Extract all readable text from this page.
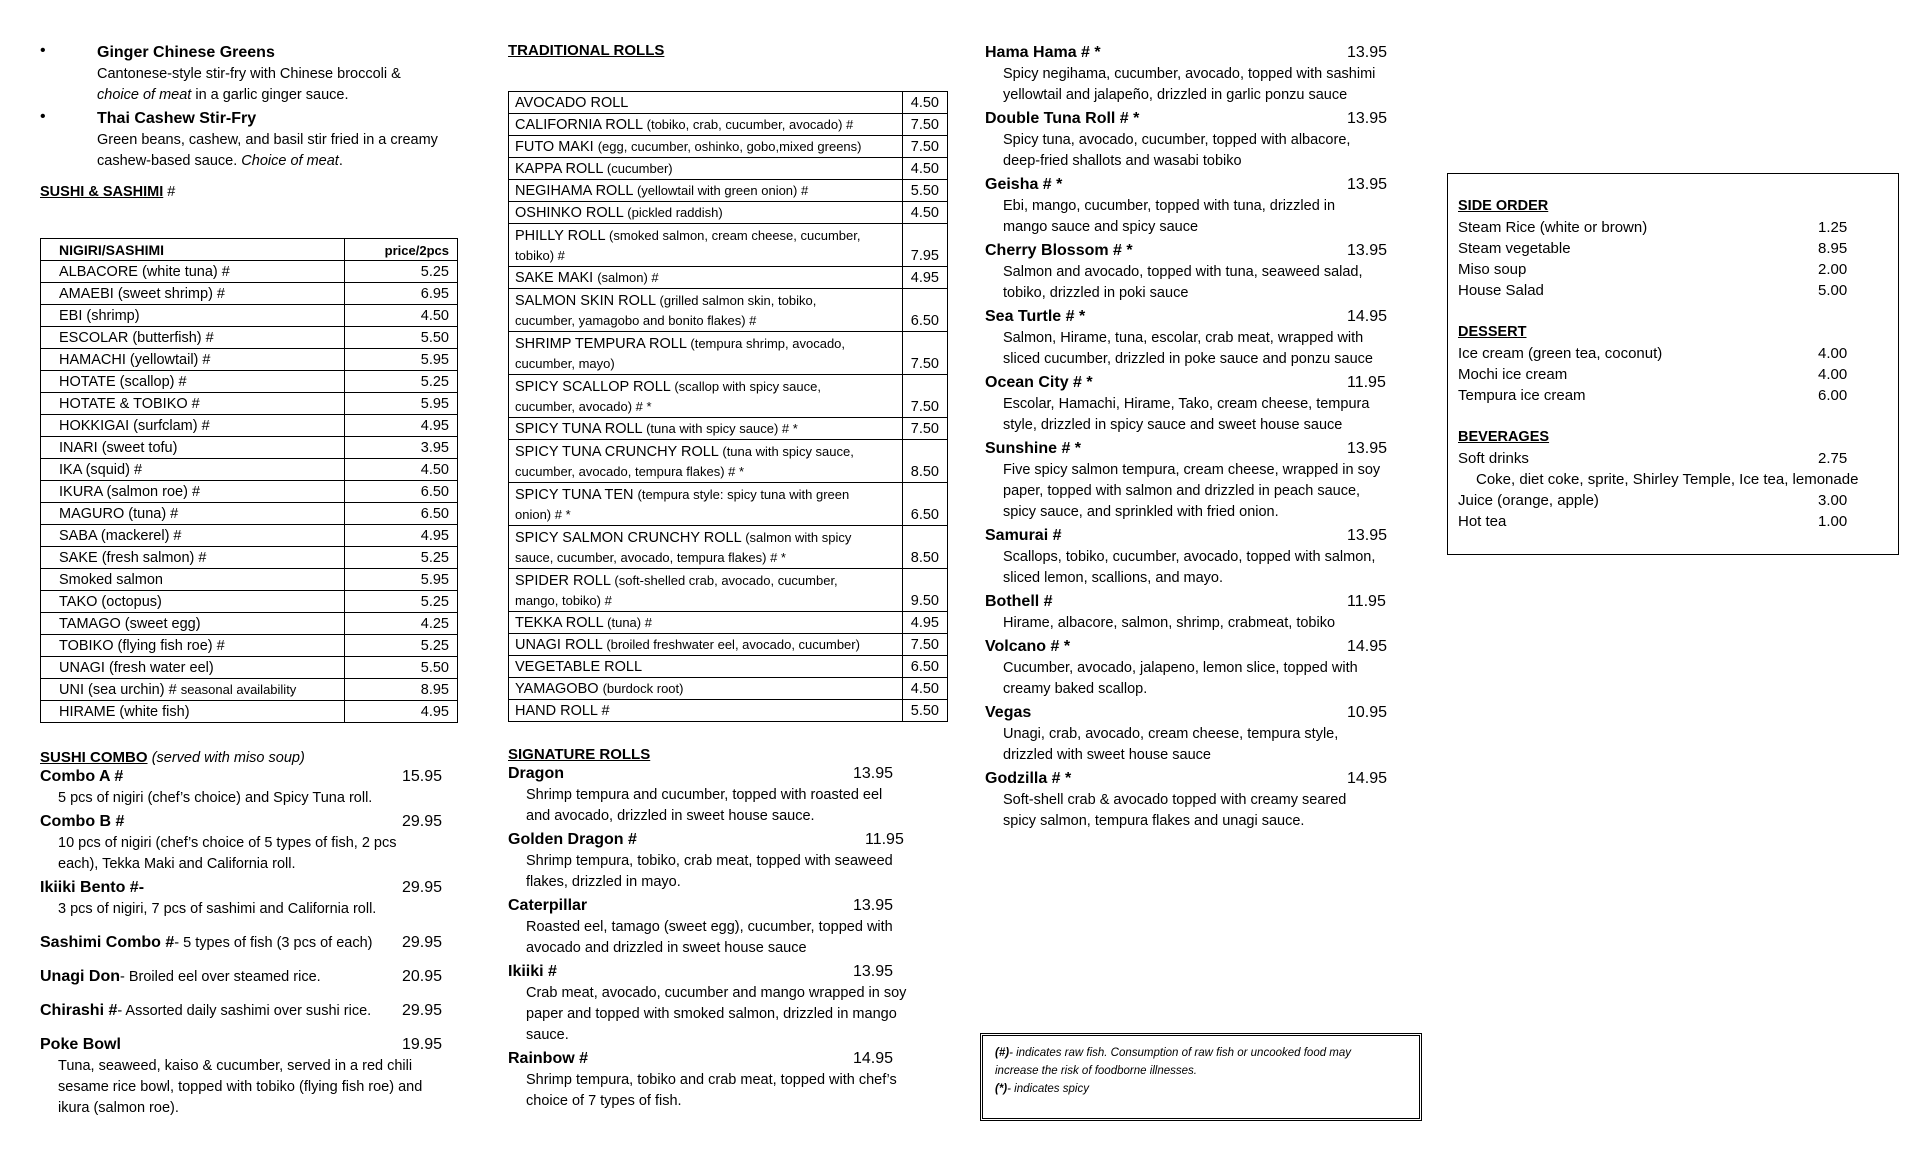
•	Ginger Chinese Greens
Cantonese-style stir-fry with Chinese broccoli &
choice of meat in a garlic ginger sauce.
•	Thai Cashew Stir-Fry
Green beans, cashew, and basil stir fried in a creamy
cashew-based sauce. Choice of meat.
SUSHI & SASHIMI #
NIGIRI/SASHIMI	price/2pcs
ALBACORE (white tuna) #	5.25
AMAEBI (sweet shrimp) #	6.95
EBI (shrimp)	4.50
ESCOLAR (butterfish) #	5.50
HAMACHI (yellowtail) #	5.95
HOTATE (scallop) #	5.25
HOTATE & TOBIKO #	5.95
HOKKIGAI (surfclam) #	4.95
INARI (sweet tofu)	3.95
IKA (squid) #	4.50
IKURA (salmon roe) #	6.50
MAGURO (tuna) #	6.50
SABA (mackerel) #	4.95
SAKE (fresh salmon) #	5.25
Smoked salmon	5.95
TAKO (octopus)	5.25
TAMAGO (sweet egg)	4.25
TOBIKO (flying fish roe) #	5.25
UNAGI (fresh water eel)	5.50
UNI (sea urchin) # seasonal availability	8.95
HIRAME (white fish)	4.95
SUSHI COMBO (served with miso soup)
Combo A #	15.95
5 pcs of nigiri (chef’s choice) and Spicy Tuna roll.
Combo B #	29.95
10 pcs of nigiri (chef’s choice of 5 types of fish, 2 pcs
each), Tekka Maki and California roll.
Ikiiki Bento #-	29.95
3 pcs of nigiri, 7 pcs of sashimi and California roll.
Sashimi Combo #- 5 types of fish (3 pcs of each) 29.95
Unagi Don- Broiled eel over steamed rice.	20.95
Chirashi #- Assorted daily sashimi over sushi rice. 29.95
Poke Bowl	19.95
Tuna, seaweed, kaiso & cucumber, served in a red chili
sesame rice bowl, topped with tobiko (flying fish roe) and
ikura (salmon roe).
TRADITIONAL ROLLS
AVOCADO ROLL	4.50
CALIFORNIA ROLL (tobiko, crab, cucumber, avocado) #	7.50
FUTO MAKI (egg, cucumber, oshinko, gobo,mixed greens)	7.50
KAPPA ROLL (cucumber)	4.50
NEGIHAMA ROLL (yellowtail with green onion) #	5.50
OSHINKO ROLL (pickled raddish)	4.50
PHILLY ROLL (smoked salmon, cream cheese, cucumber,
tobiko) #	7.95
SAKE MAKI (salmon) #	4.95
SALMON SKIN ROLL (grilled salmon skin, tobiko,
cucumber, yamagobo and bonito flakes) #	6.50
SHRIMP TEMPURA ROLL (tempura shrimp, avocado,
cucumber, mayo)	7.50
SPICY SCALLOP ROLL (scallop with spicy sauce,
cucumber, avocado) # *	7.50
SPICY TUNA ROLL (tuna with spicy sauce) # *	7.50
SPICY TUNA CRUNCHY ROLL (tuna with spicy sauce,
cucumber, avocado, tempura flakes) # *	8.50
SPICY TUNA TEN (tempura style: spicy tuna with green
onion) # *	6.50
SPICY SALMON CRUNCHY ROLL (salmon with spicy
sauce, cucumber, avocado, tempura flakes) # *	8.50
SPIDER ROLL (soft-shelled crab, avocado, cucumber,
mango, tobiko) #	9.50
TEKKA ROLL (tuna) #	4.95
UNAGI ROLL (broiled freshwater eel, avocado, cucumber)	7.50
VEGETABLE ROLL	6.50
YAMAGOBO (burdock root)	4.50
HAND ROLL #	5.50
SIGNATURE ROLLS
Dragon	13.95
Shrimp tempura and cucumber, topped with roasted eel
and avocado, drizzled in sweet house sauce.
Golden Dragon #	11.95
Shrimp tempura, tobiko, crab meat, topped with seaweed
flakes, drizzled in mayo.
Caterpillar	13.95
Roasted eel, tamago (sweet egg), cucumber, topped with
avocado and drizzled in sweet house sauce
Ikiiki #	13.95
Crab meat, avocado, cucumber and mango wrapped in soy
paper and topped with smoked salmon, drizzled in mango
sauce.
Rainbow #	14.95
Shrimp tempura, tobiko and crab meat, topped with chef’s
choice of 7 types of fish.
Hama Hama # *	13.95
Spicy negihama, cucumber, avocado, topped with sashimi
yellowtail and jalapeño, drizzled in garlic ponzu sauce
Double Tuna Roll # *	13.95
Spicy tuna, avocado, cucumber, topped with albacore,
deep-fried shallots and wasabi tobiko
Geisha # *	13.95
Ebi, mango, cucumber, topped with tuna, drizzled in
mango sauce and spicy sauce
Cherry Blossom # *	13.95
Salmon and avocado, topped with tuna, seaweed salad,
tobiko, drizzled in poki sauce
Sea Turtle # *	14.95
Salmon, Hirame, tuna, escolar, crab meat, wrapped with
sliced cucumber, drizzled in poke sauce and ponzu sauce
Ocean City # *	11.95
Escolar, Hamachi, Hirame, Tako, cream cheese, tempura
style, drizzled in spicy sauce and sweet house sauce
Sunshine # *	13.95
Five spicy salmon tempura, cream cheese, wrapped in soy
paper, topped with salmon and drizzled in peach sauce,
spicy sauce, and sprinkled with fried onion.
Samurai #	13.95
Scallops, tobiko, cucumber, avocado, topped with salmon,
sliced lemon, scallions, and mayo.
Bothell #	11.95
Hirame, albacore, salmon, shrimp, crabmeat, tobiko
Volcano # *	14.95
Cucumber, avocado, jalapeno, lemon slice, topped with
creamy baked scallop.
Vegas	10.95
Unagi, crab, avocado, cream cheese, tempura style,
drizzled with sweet house sauce
Godzilla # *	14.95
Soft-shell crab & avocado topped with creamy seared
spicy salmon, tempura flakes and unagi sauce.
SIDE ORDER
Steam Rice (white or brown)	1.25
Steam vegetable	8.95
Miso soup	2.00
House Salad	5.00
DESSERT
Ice cream (green tea, coconut)	4.00
Mochi ice cream	4.00
Tempura ice cream	6.00
BEVERAGES
Soft drinks	2.75
Coke, diet coke, sprite, Shirley Temple, Ice tea, lemonade
Juice (orange, apple)	3.00
Hot tea	1.00
(#)- indicates raw fish. Consumption of raw fish or uncooked food may
increase the risk of foodborne illnesses.
(*)- indicates spicy
